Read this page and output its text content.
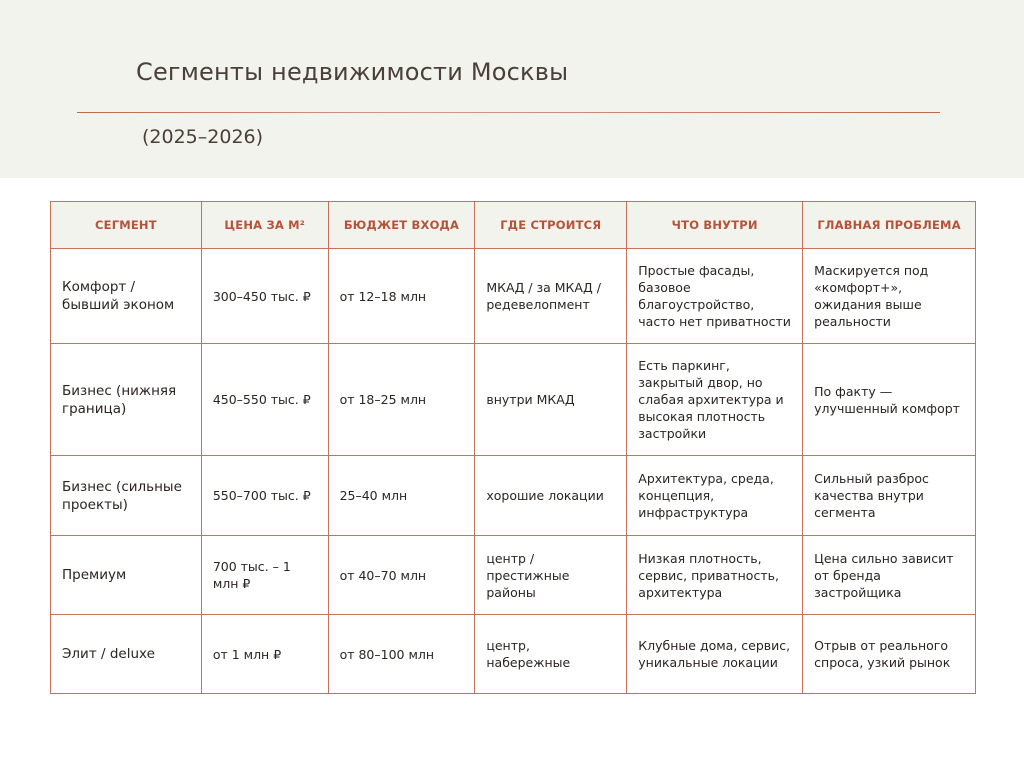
Сегменты недвижимости Москвы
(2025–2026)
СЕГМЕНТ	ЦЕНА ЗА М²	БЮДЖЕТ ВХОДА	ГДЕ СТРОИТСЯ	ЧТО ВНУТРИ	ГЛАВНАЯ ПРОБЛЕМА
Комфорт / бывший эконом	300–450 тыс. ₽	от 12–18 млн	МКАД / за МКАД / редевелопмент	Простые фасады, базовое благоустройство, часто нет приватности	Маскируется под «комфорт+», ожидания выше реальности
Бизнес (нижняя граница)	450–550 тыс. ₽	от 18–25 млн	внутри МКАД	Есть паркинг, закрытый двор, но слабая архитектура и высокая плотность застройки	По факту — улучшенный комфорт
Бизнес (сильные проекты)	550–700 тыс. ₽	25–40 млн	хорошие локации	Архитектура, среда, концепция, инфраструктура	Сильный разброс качества внутри сегмента
Премиум	700 тыс. – 1 млн ₽	от 40–70 млн	центр / престижные районы	Низкая плотность, сервис, приватность, архитектура	Цена сильно зависит от бренда застройщика
Элит / deluxe	от 1 млн ₽	от 80–100 млн	центр, набережные	Клубные дома, сервис, уникальные локации	Отрыв от реального спроса, узкий рынок
